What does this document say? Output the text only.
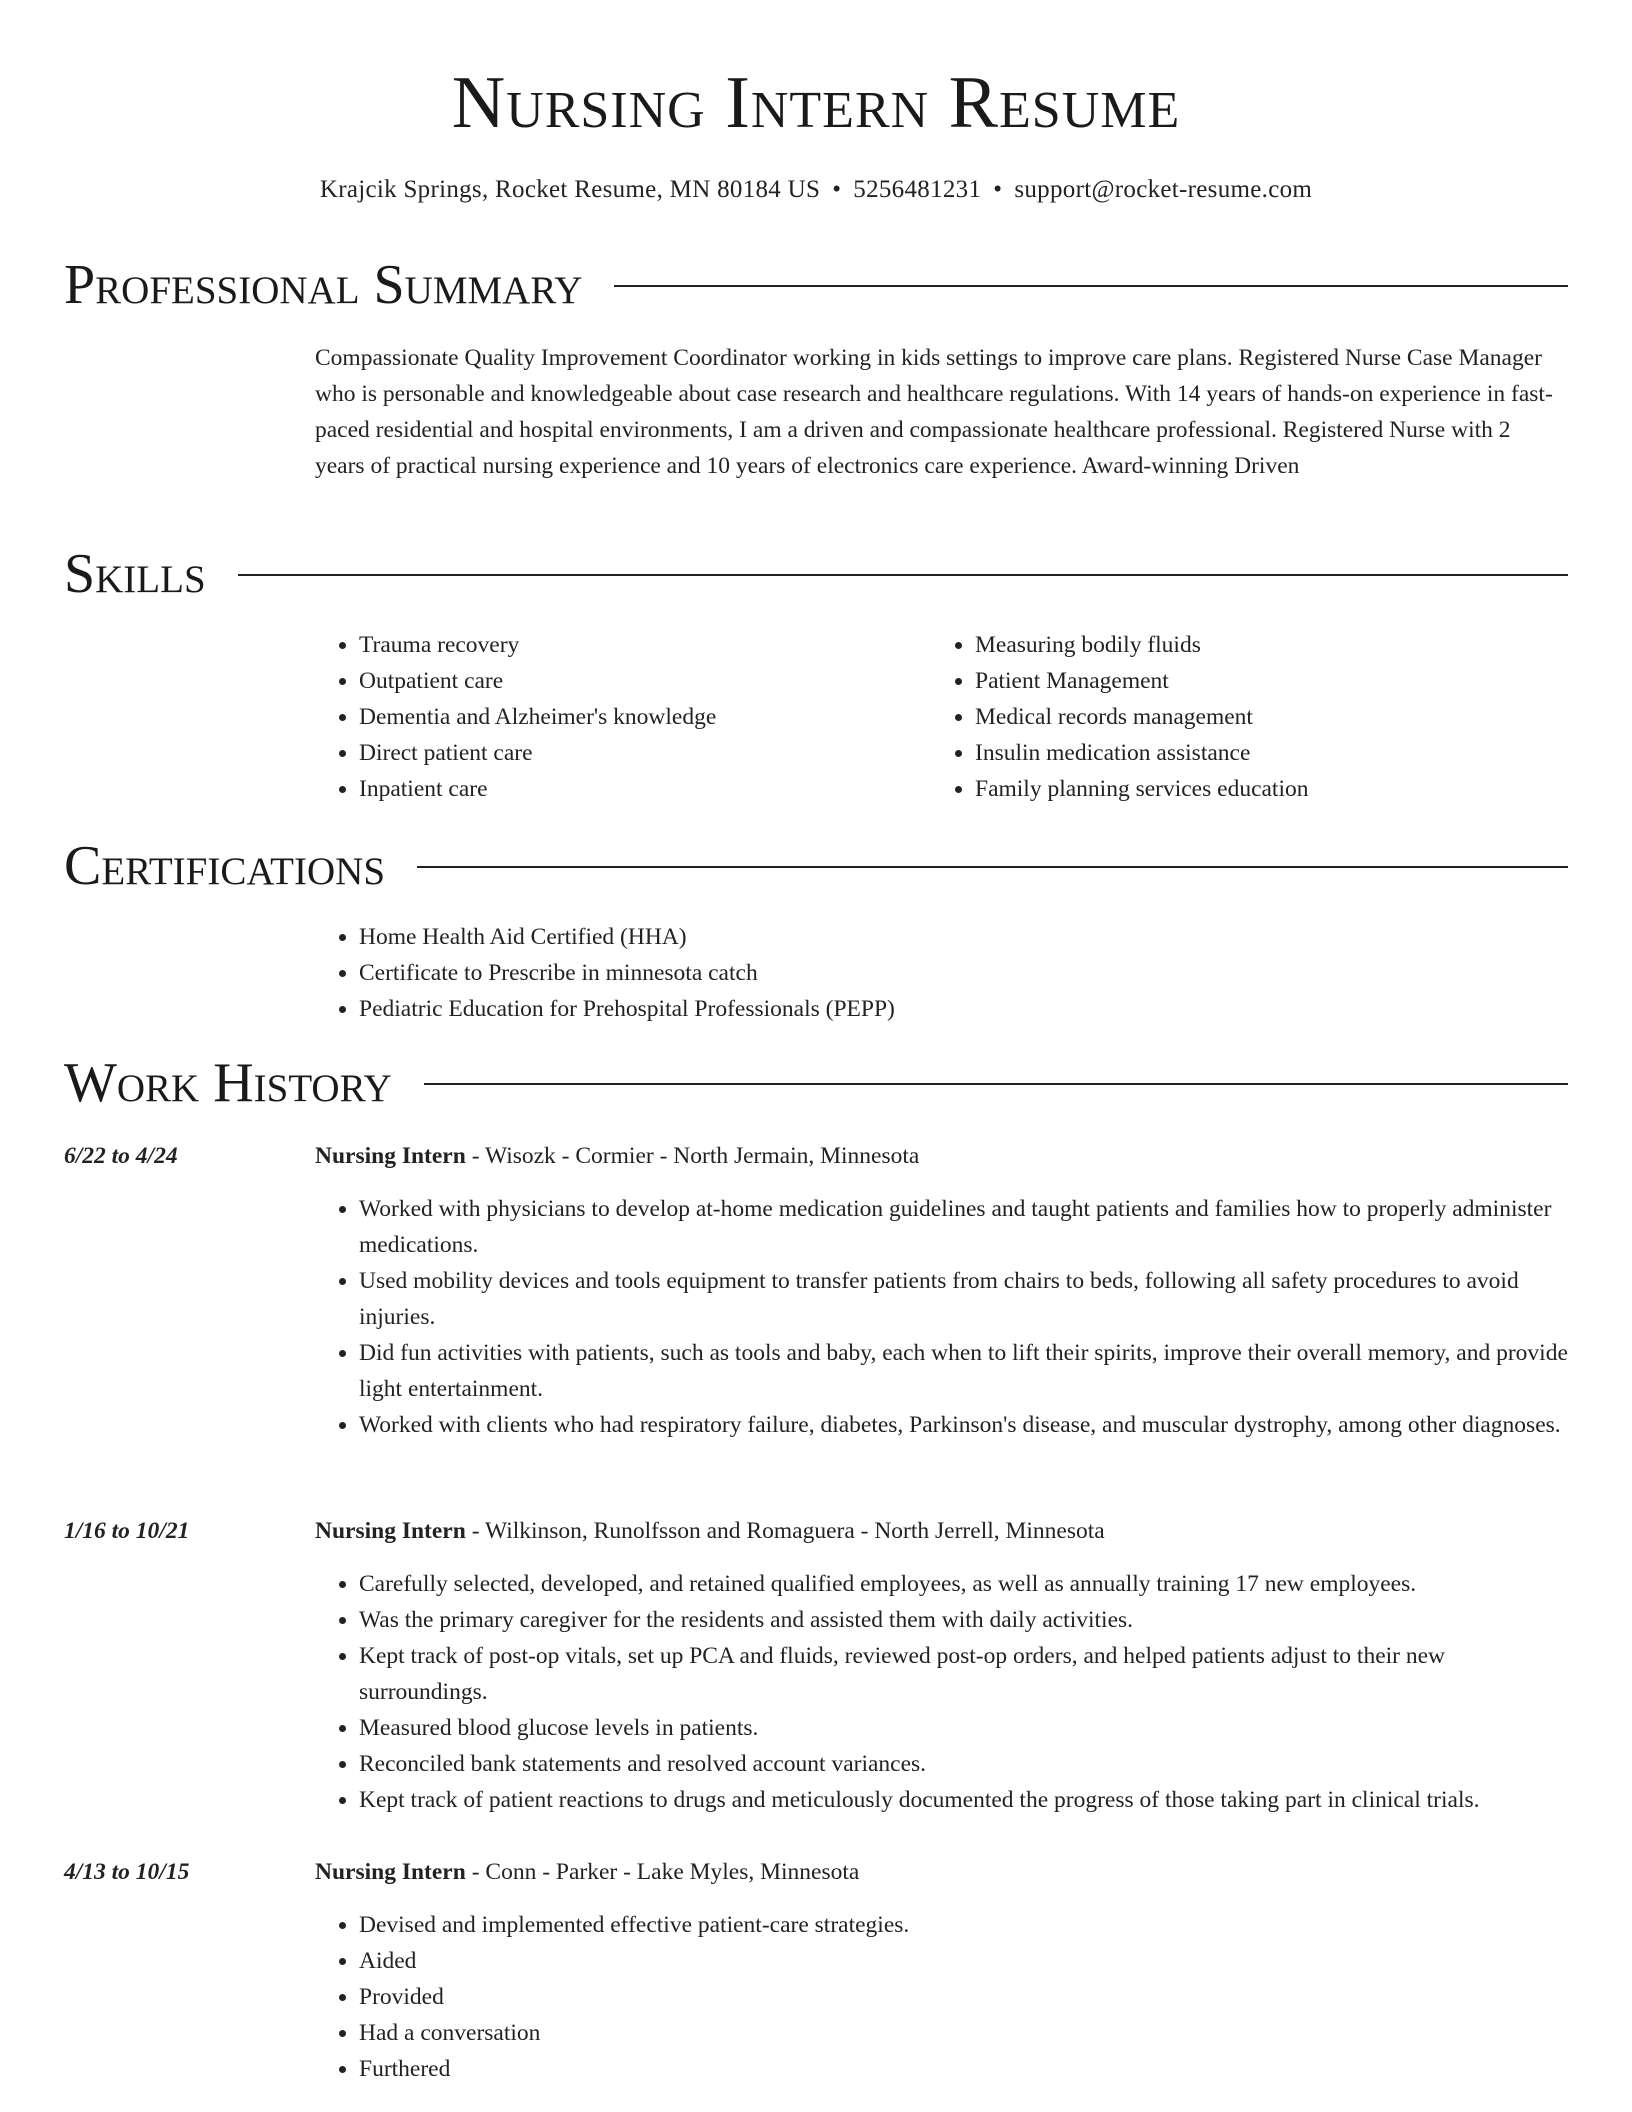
Nursing Intern Resume
Krajcik Springs, Rocket Resume, MN 80184 US • 5256481231 • support@rocket-resume.com
Professional Summary
Compassionate Quality Improvement Coordinator working in kids settings to improve care plans. Registered Nurse Case Manager who is personable and knowledgeable about case research and healthcare regulations. With 14 years of hands-on experience in fast-paced residential and hospital environments, I am a driven and compassionate healthcare professional. Registered Nurse with 2 years of practical nursing experience and 10 years of electronics care experience. Award-winning Driven
Skills
• Trauma recovery
• Outpatient care
• Dementia and Alzheimer's knowledge
• Direct patient care
• Inpatient care
• Measuring bodily fluids
• Patient Management
• Medical records management
• Insulin medication assistance
• Family planning services education
Certifications
• Home Health Aid Certified (HHA)
• Certificate to Prescribe in minnesota catch
• Pediatric Education for Prehospital Professionals (PEPP)
Work History
6/22 to 4/24	Nursing Intern - Wisozk - Cormier - North Jermain, Minnesota
• Worked with physicians to develop at-home medication guidelines and taught patients and families how to properly administer medications.
• Used mobility devices and tools equipment to transfer patients from chairs to beds, following all safety procedures to avoid injuries.
• Did fun activities with patients, such as tools and baby, each when to lift their spirits, improve their overall memory, and provide light entertainment.
• Worked with clients who had respiratory failure, diabetes, Parkinson's disease, and muscular dystrophy, among other diagnoses.
1/16 to 10/21	Nursing Intern - Wilkinson, Runolfsson and Romaguera - North Jerrell, Minnesota
• Carefully selected, developed, and retained qualified employees, as well as annually training 17 new employees.
• Was the primary caregiver for the residents and assisted them with daily activities.
• Kept track of post-op vitals, set up PCA and fluids, reviewed post-op orders, and helped patients adjust to their new surroundings.
• Measured blood glucose levels in patients.
• Reconciled bank statements and resolved account variances.
• Kept track of patient reactions to drugs and meticulously documented the progress of those taking part in clinical trials.
4/13 to 10/15	Nursing Intern - Conn - Parker - Lake Myles, Minnesota
• Devised and implemented effective patient-care strategies.
• Aided
• Provided
• Had a conversation
• Furthered
